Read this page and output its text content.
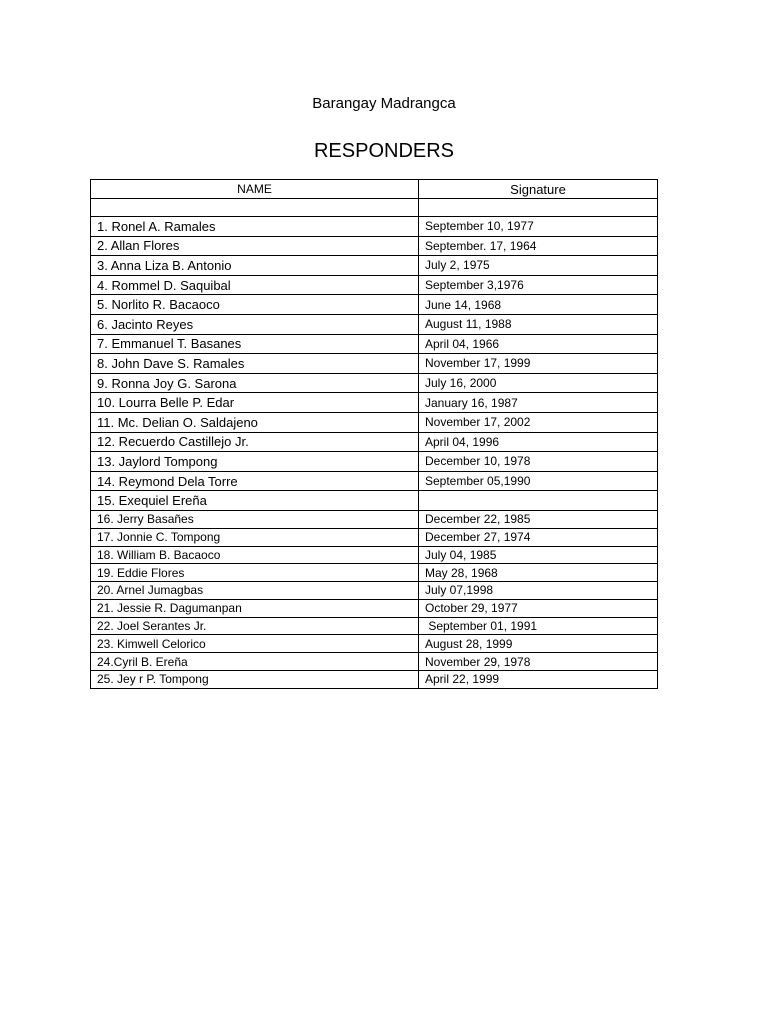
Barangay Madrangca
RESPONDERS
NAME	Signature

1. Ronel A. Ramales	September 10, 1977
2. Allan Flores	September. 17, 1964
3. Anna Liza B. Antonio	July 2, 1975
4. Rommel D. Saquibal	September 3,1976
5. Norlito R. Bacaoco	June 14, 1968
6. Jacinto Reyes	August 11, 1988
7. Emmanuel T. Basanes	April 04, 1966
8. John Dave S. Ramales	November 17, 1999
9. Ronna Joy G. Sarona	July 16, 2000
10. Lourra Belle P. Edar	January 16, 1987
11. Mc. Delian O. Saldajeno	November 17, 2002
12. Recuerdo Castillejo Jr.	April 04, 1996
13. Jaylord Tompong	December 10, 1978
14. Reymond Dela Torre	September 05,1990
15. Exequiel Ereña	
16. Jerry Basañes	December 22, 1985
17. Jonnie C. Tompong	December 27, 1974
18. William B. Bacaoco	July 04, 1985
19. Eddie Flores	May 28, 1968
20. Arnel Jumagbas	July 07,1998
21. Jessie R. Dagumanpan	October 29, 1977
22. Joel Serantes Jr.	September 01, 1991
23. Kimwell Celorico	August 28, 1999
24.Cyril B. Ereña	November 29, 1978
25. Jey r P. Tompong	April 22, 1999
